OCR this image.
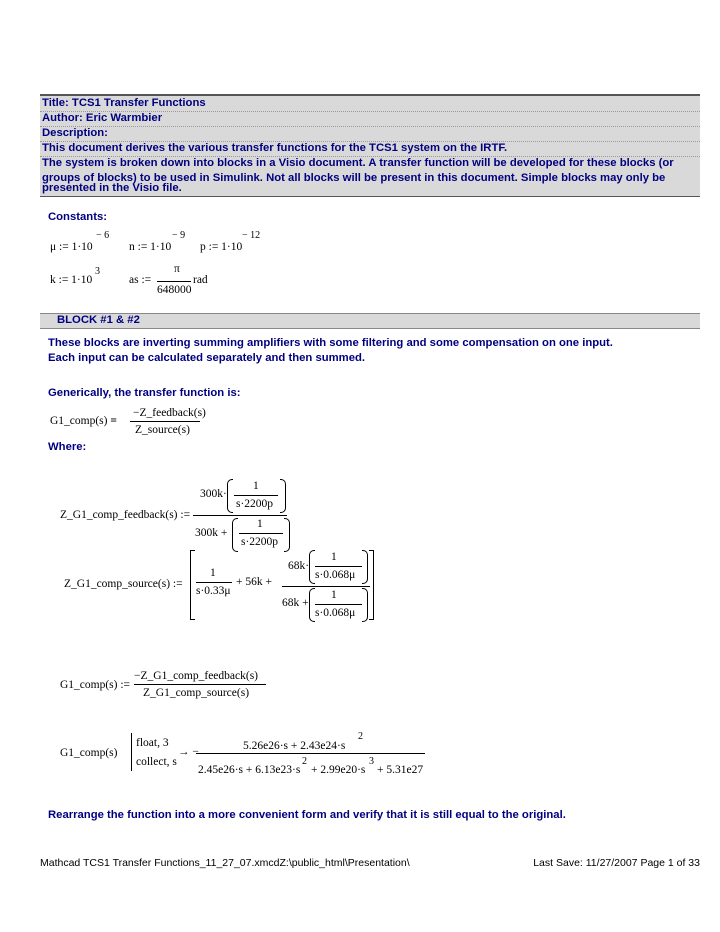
Title: TCS1 Transfer Functions
Author: Eric Warmbier
Description:
This document derives the various transfer functions for the TCS1 system on the IRTF.
The system is broken down into blocks in a Visio document. A transfer function will be developed for these blocks (or
groups of blocks) to be used in Simulink. Not all blocks will be present in this document. Simple blocks may only be
presented in the Visio file.
Constants:
μ := 1·10
− 6
n := 1·10
− 9
p := 1·10
− 12
k := 1·10
3
as :=
π
648000
rad
BLOCK #1 & #2
These blocks are inverting summing amplifiers with some filtering and some compensation on one input.
Each input can be calculated separately and then summed.
Generically, the transfer function is:
G1_comp(s) =
−Z_feedback(s)
Z_source(s)
Where:
Z_G1_comp_feedback(s) :=
300k·
1
s·2200p
300k +
1
s·2200p
Z_G1_comp_source(s) :=
1
s·0.33μ
+ 56k +
68k·
1
s·0.068μ
68k +
1
s·0.068μ
G1_comp(s) :=
−Z_G1_comp_feedback(s)
Z_G1_comp_source(s)
G1_comp(s)
float, 3
collect, s
→ −	5.26e26·s + 2.43e24·s
2
2.45e26·s + 6.13e23·s
2
+ 2.99e20·s
3
+ 5.31e27
Rearrange the function into a more convenient form and verify that it is still equal to the original.
Mathcad TCS1 Transfer Functions_11_27_07.xmcdZ:\public_html\Presentation\	Last Save: 11/27/2007 Page 1 of 33
